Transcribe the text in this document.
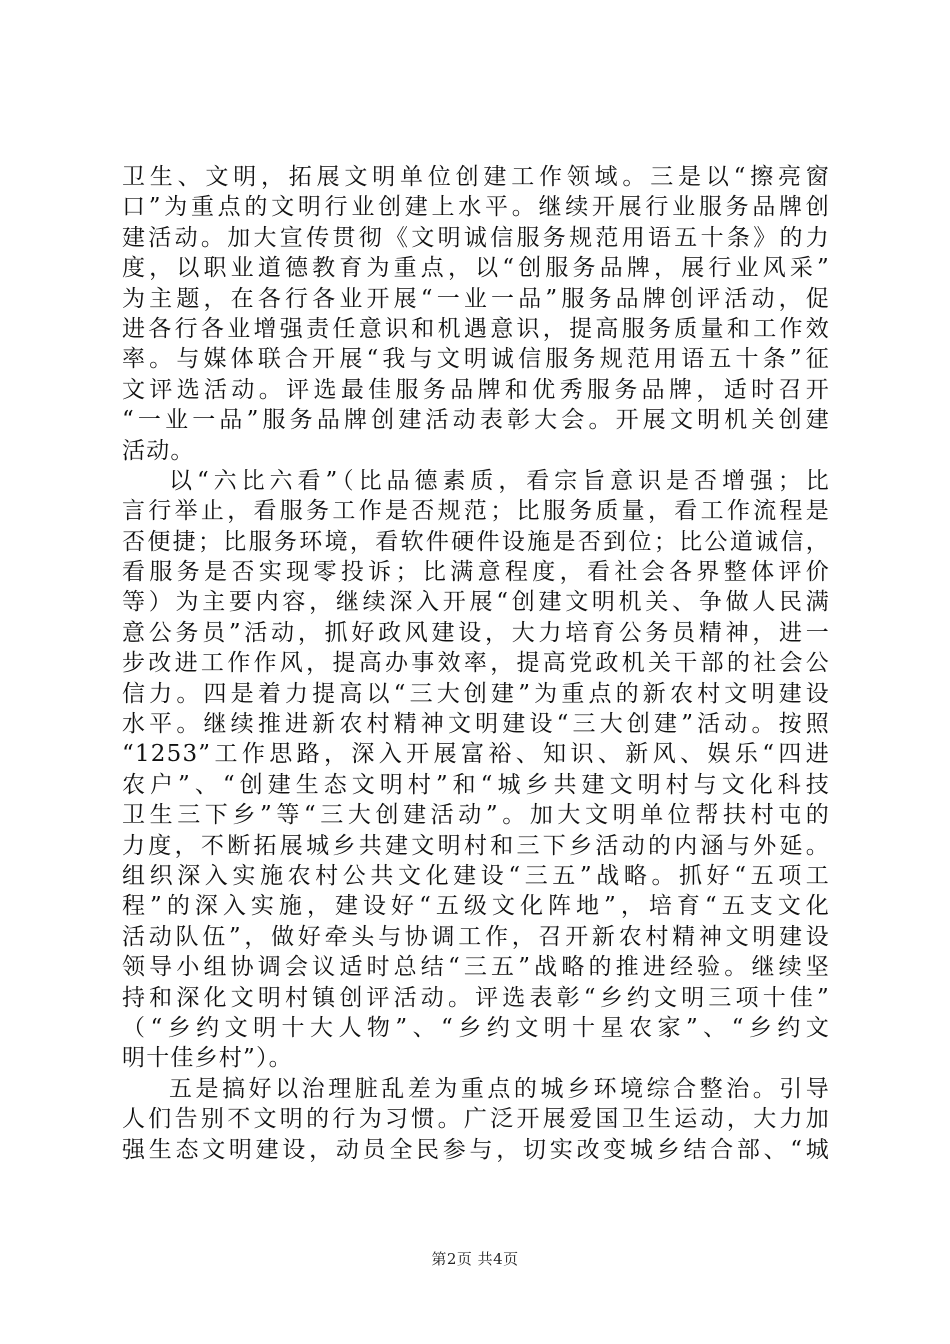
卫生、文明，拓展文明单位创建工作领域。三是以“擦亮窗
口”为重点的文明行业创建上水平。继续开展行业服务品牌创
建活动。加大宣传贯彻《文明诚信服务规范用语五十条》的力
度，以职业道德教育为重点，以“创服务品牌，展行业风采”
为主题，在各行各业开展“一业一品”服务品牌创评活动，促
进各行各业增强责任意识和机遇意识，提高服务质量和工作效
率。与媒体联合开展“我与文明诚信服务规范用语五十条”征
文评选活动。评选最佳服务品牌和优秀服务品牌，适时召开
“一业一品”服务品牌创建活动表彰大会。开展文明机关创建
活动。
以“六比六看”（比品德素质，看宗旨意识是否增强；比
言行举止，看服务工作是否规范；比服务质量，看工作流程是
否便捷；比服务环境，看软件硬件设施是否到位；比公道诚信，
看服务是否实现零投诉；比满意程度，看社会各界整体评价
等）为主要内容，继续深入开展“创建文明机关、争做人民满
意公务员”活动，抓好政风建设，大力培育公务员精神，进一
步改进工作作风，提高办事效率，提高党政机关干部的社会公
信力。四是着力提高以“三大创建”为重点的新农村文明建设
水平。继续推进新农村精神文明建设“三大创建”活动。按照
“1253”工作思路，深入开展富裕、知识、新风、娱乐“四进
农户”、“创建生态文明村”和“城乡共建文明村与文化科技
卫生三下乡”等“三大创建活动”。加大文明单位帮扶村屯的
力度，不断拓展城乡共建文明村和三下乡活动的内涵与外延。
组织深入实施农村公共文化建设“三五”战略。抓好“五项工
程”的深入实施，建设好“五级文化阵地”，培育“五支文化
活动队伍”，做好牵头与协调工作，召开新农村精神文明建设
领导小组协调会议适时总结“三五”战略的推进经验。继续坚
持和深化文明村镇创评活动。评选表彰“乡约文明三项十佳”
（“乡约文明十大人物”、“乡约文明十星农家”、“乡约文
明十佳乡村”）。
五是搞好以治理脏乱差为重点的城乡环境综合整治。引导
人们告别不文明的行为习惯。广泛开展爱国卫生运动，大力加
强生态文明建设，动员全民参与，切实改变城乡结合部、“城
第2页 共4页
